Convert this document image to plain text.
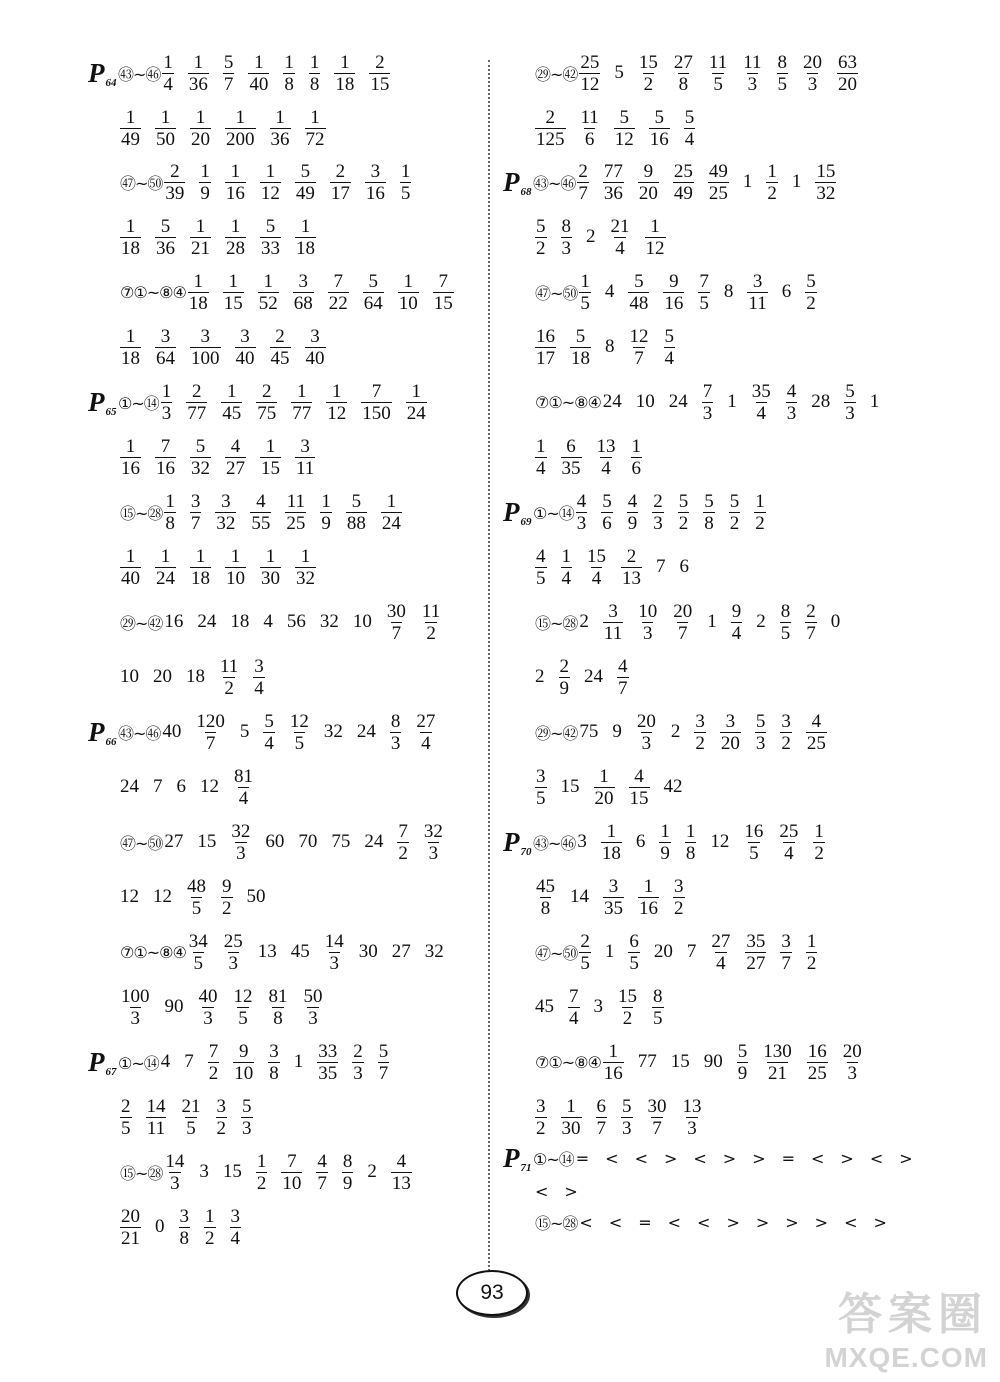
P 64 ㊸~㊻ $\frac{1}{4} \frac{1}{36} \frac{5}{7} \frac{1}{40} \frac{1}{8} \frac{1}{8} \frac{1}{18} \frac{2}{15}$
$\frac{1}{49} \frac{1}{50} \frac{1}{20} \frac{1}{200} \frac{1}{36} \frac{1}{72}$
㊼~㊿ $\frac{2}{39} \frac{1}{9} \frac{1}{16} \frac{1}{12} \frac{5}{49} \frac{2}{17} \frac{3}{16} \frac{1}{5}$
$\frac{1}{18} \frac{5}{36} \frac{1}{21} \frac{1}{28} \frac{5}{33} \frac{1}{18}$
⑦①~⑧④ $\frac{1}{18} \frac{1}{15} \frac{1}{52} \frac{3}{68} \frac{7}{22} \frac{5}{64} \frac{1}{10} \frac{7}{15}$
$\frac{1}{18} \frac{3}{64} \frac{3}{100} \frac{3}{40} \frac{2}{45} \frac{3}{40}$
P 65 ①~⑭ $\frac{1}{3} \frac{2}{77} \frac{1}{45} \frac{2}{75} \frac{1}{77} \frac{1}{12} \frac{7}{150} \frac{1}{24}$
$\frac{1}{16} \frac{7}{16} \frac{5}{32} \frac{4}{27} \frac{1}{15} \frac{3}{11}$
⑮~㉘ $\frac{1}{8} \frac{3}{7} \frac{3}{32} \frac{4}{55} \frac{11}{25} \frac{1}{9} \frac{5}{88} \frac{1}{24}$
$\frac{1}{40} \frac{1}{24} \frac{1}{18} \frac{1}{10} \frac{1}{30} \frac{1}{32}$
㉙~㊷ 16 24 18 4 56 32 $10 \frac{30}{7} \frac{11}{2}$
10 20 $18 \frac{11}{2} \frac{3}{4}$
P 66 ㊸~㊻ $40 \frac{120}{7} 5 \frac{5}{4} \frac{12}{5} 32$ $24 \frac{8}{3} \frac{27}{4}$
24 7 6 $12 \frac{81}{4}$
㊼~㊿ 27 $15 \frac{32}{3} 60$ 70 75 $24 \frac{7}{2} \frac{32}{3}$
12 $12 \frac{48}{5} \frac{9}{2} 50$
⑦①~⑧④ $\frac{34}{5} \frac{25}{3} 13$ $45 \frac{14}{3} 30$ 27 32
$\frac{100}{3} 90 \frac{40}{3} \frac{12}{5} \frac{81}{8} \frac{50}{3}$
P 67 ①~⑭ 4 $7 \frac{7}{2} \frac{9}{10} \frac{3}{8} 1 \frac{33}{35} \frac{2}{3} \frac{5}{7}$
$\frac{2}{5} \frac{14}{11} \frac{21}{5} \frac{3}{2} \frac{5}{3}$
⑮~㉘ $\frac{14}{3} 3$ $15 \frac{1}{2} \frac{7}{10} \frac{4}{7} \frac{8}{9} 2 \frac{4}{13}$
$\frac{20}{21} 0 \frac{3}{8} \frac{1}{2} \frac{3}{4}$
㉙~㊷ $\frac{25}{12} 5 \frac{15}{2} \frac{27}{8} \frac{11}{5} \frac{11}{3} \frac{8}{5} \frac{20}{3} \frac{63}{20}$
$\frac{2}{125} \frac{11}{6} \frac{5}{12} \frac{5}{16} \frac{5}{4}$
P 68 ㊸~㊻ $\frac{2}{7} \frac{77}{36} \frac{9}{20} \frac{25}{49} \frac{49}{25} 1 \frac{1}{2} 1 \frac{15}{32}$
$\frac{5}{2} \frac{8}{3} 2 \frac{21}{4} \frac{1}{12}$
㊼~㊿ $\frac{1}{5} 4 \frac{5}{48} \frac{9}{16} \frac{7}{5} 8 \frac{3}{11} 6 \frac{5}{2}$
$\frac{16}{17} \frac{5}{18} 8 \frac{12}{7} \frac{5}{4}$
⑦①~⑧④ 24 10 $24 \frac{7}{3} 1 \frac{35}{4} \frac{4}{3} 28 \frac{5}{3} 1$
$\frac{1}{4} \frac{6}{35} \frac{13}{4} \frac{1}{6}$
P 69 ①~⑭ $\frac{4}{3} \frac{5}{6} \frac{4}{9} \frac{2}{3} \frac{5}{2} \frac{5}{8} \frac{5}{2} \frac{1}{2}$
$\frac{4}{5} \frac{1}{4} \frac{15}{4} \frac{2}{13} 7$ 6
⑮~㉘ $2 \frac{3}{11} \frac{10}{3} \frac{20}{7} 1 \frac{9}{4} 2 \frac{8}{5} \frac{2}{7} 0$
$2 \frac{2}{9} 24 \frac{4}{7}$
㉙~㊷ 75 $9 \frac{20}{3} 2 \frac{3}{2} \frac{3}{20} \frac{5}{3} \frac{3}{2} \frac{4}{25}$
$\frac{3}{5} 15 \frac{1}{20} \frac{4}{15} 42$
P 70 ㊸~㊻ $3 \frac{1}{18} 6 \frac{1}{9} \frac{1}{8} 12 \frac{16}{5} \frac{25}{4} \frac{1}{2}$
$\frac{45}{8} 14 \frac{3}{35} \frac{1}{16} \frac{3}{2}$
㊼~㊿ $\frac{2}{5} 1 \frac{6}{5} 20$ $7 \frac{27}{4} \frac{35}{27} \frac{3}{7} \frac{1}{2}$
$45 \frac{7}{4} 3 \frac{15}{2} \frac{8}{5}$
⑦①~⑧④ $\frac{1}{16} 77$ 15 $90 \frac{5}{9} \frac{130}{21} \frac{16}{25} \frac{20}{3}$
$\frac{3}{2} \frac{1}{30} \frac{6}{7} \frac{5}{3} \frac{30}{7} \frac{13}{3}$
P 71 ①~⑭ = < < > < > > = < > < >
< >
⑮~㉘ < < = < < > > > > < >
93	答案圈
MXQE.COM
